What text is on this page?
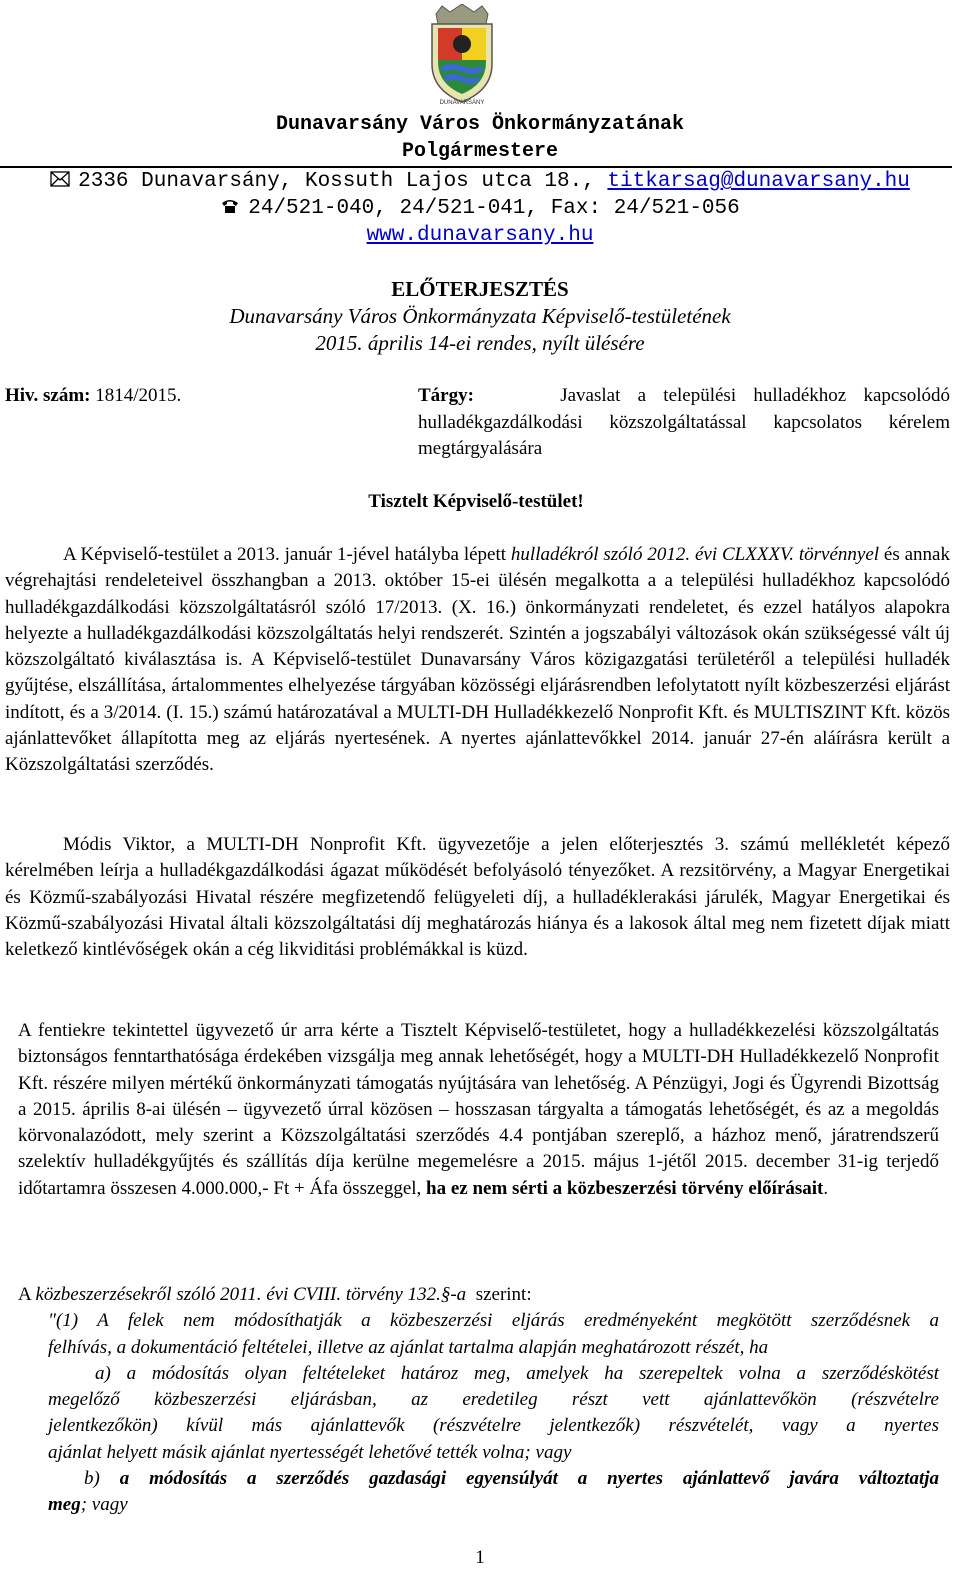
DUNAVARSÁNY
Dunavarsány Város Önkormányzatának
Polgármestere
2336 Dunavarsány, Kossuth Lajos utca 18., titkarsag@dunavarsany.hu
24/521-040, 24/521-041, Fax: 24/521-056
www.dunavarsany.hu
ELŐTERJESZTÉS
Dunavarsány Város Önkormányzata Képviselő-testületének
2015. április 14-ei rendes, nyílt ülésére
Hiv. szám: 1814/2015.	Tárgy:	Javaslat a települési hulladékhoz kapcsolódó hulladékgazdálkodási közszolgáltatással kapcsolatos kérelem megtárgyalására
Tisztelt Képviselő-testület!
A Képviselő-testület a 2013. január 1-jével hatályba lépett hulladékról szóló 2012. évi CLXXXV. törvénnyel és annak végrehajtási rendeleteivel összhangban a 2013. október 15-ei ülésén megalkotta a a települési hulladékhoz kapcsolódó hulladékgazdálkodási közszolgáltatásról szóló 17/2013. (X. 16.) önkormányzati rendeletet, és ezzel hatályos alapokra helyezte a hulladékgazdálkodási közszolgáltatás helyi rendszerét. Szintén a jogszabályi változások okán szükségessé vált új közszolgáltató kiválasztása is. A Képviselő-testület Dunavarsány Város közigazgatási területéről a települési hulladék gyűjtése, elszállítása, ártalommentes elhelyezése tárgyában közösségi eljárásrendben lefolytatott nyílt közbeszerzési eljárást indított, és a 3/2014. (I. 15.) számú határozatával a MULTI-DH Hulladékkezelő Nonprofit Kft. és MULTISZINT Kft. közös ajánlattevőket állapította meg az eljárás nyertesének. A nyertes ajánlattevőkkel 2014. január 27-én aláírásra került a Közszolgáltatási szerződés.
Módis Viktor, a MULTI-DH Nonprofit Kft. ügyvezetője a jelen előterjesztés 3. számú mellékletét képező kérelmében leírja a hulladékgazdálkodási ágazat működését befolyásoló tényezőket. A rezsitörvény, a Magyar Energetikai és Közmű-szabályozási Hivatal részére megfizetendő felügyeleti díj, a hulladéklerakási járulék, Magyar Energetikai és Közmű-szabályozási Hivatal általi közszolgáltatási díj meghatározás hiánya és a lakosok által meg nem fizetett díjak miatt keletkező kintlévőségek okán a cég likviditási problémákkal is küzd.
A fentiekre tekintettel ügyvezető úr arra kérte a Tisztelt Képviselő-testületet, hogy a hulladékkezelési közszolgáltatás biztonságos fenntarthatósága érdekében vizsgálja meg annak lehetőségét, hogy a MULTI-DH Hulladékkezelő Nonprofit Kft. részére milyen mértékű önkormányzati támogatás nyújtására van lehetőség. A Pénzügyi, Jogi és Ügyrendi Bizottság a 2015. április 8-ai ülésén – ügyvezető úrral közösen – hosszasan tárgyalta a támogatás lehetőségét, és az a megoldás körvonalazódott, mely szerint a Közszolgáltatási szerződés 4.4 pontjában szereplő, a házhoz menő, járatrendszerű szelektív hulladékgyűjtés és szállítás díja kerülne megemelésre a 2015. május 1-jétől 2015. december 31-ig terjedő időtartamra összesen 4.000.000,- Ft + Áfa összeggel, ha ez nem sérti a közbeszerzési törvény előírásait.
A közbeszerzésekről szóló 2011. évi CVIII. törvény 132.§-a  szerint:
"(1) A felek nem módosíthatják a közbeszerzési eljárás eredményeként megkötött szerződésnek a
felhívás, a dokumentáció feltételei, illetve az ajánlat tartalma alapján meghatározott részét, ha
a) a módosítás olyan feltételeket határoz meg, amelyek ha szerepeltek volna a szerződéskötést
megelőző közbeszerzési eljárásban, az eredetileg részt vett ajánlattevőkön (részvételre
jelentkezőkön) kívül más ajánlattevők (részvételre jelentkezők) részvételét, vagy a nyertes
ajánlat helyett másik ajánlat nyertességét lehetővé tették volna; vagy
b) a módosítás a szerződés gazdasági egyensúlyát a nyertes ajánlattevő javára változtatja
meg; vagy
1
